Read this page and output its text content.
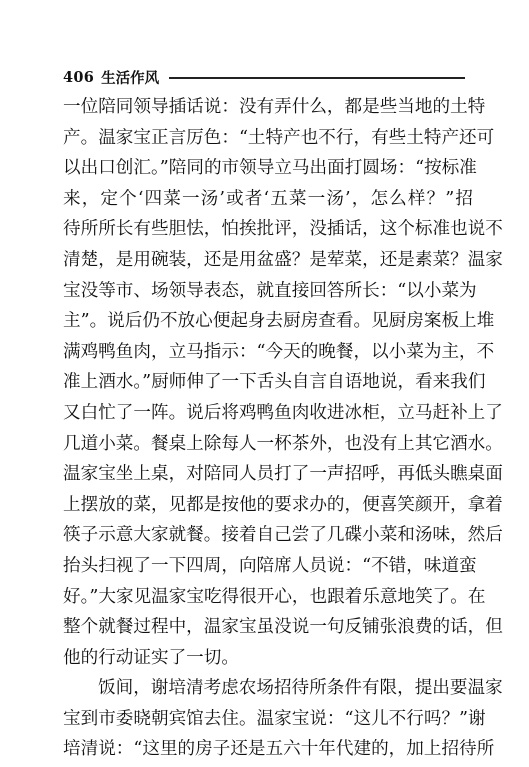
406 生活作风
一位陪同领导插话说：没有弄什么，都是些当地的土特
产。温家宝正言厉色：“土特产也不行，有些土特产还可
以出口创汇。”陪同的市领导立马出面打圆场：“按标准
来，定个‘四菜一汤’或者‘五菜一汤’，怎么样？”招
待所所长有些胆怯，怕挨批评，没插话，这个标准也说不
清楚，是用碗装，还是用盆盛？是荤菜，还是素菜？温家
宝没等市、场领导表态，就直接回答所长：“以小菜为
主”。说后仍不放心便起身去厨房查看。见厨房案板上堆
满鸡鸭鱼肉，立马指示：“今天的晚餐，以小菜为主，不
准上酒水。”厨师伸了一下舌头自言自语地说，看来我们
又白忙了一阵。说后将鸡鸭鱼肉收进冰柜，立马赶补上了
几道小菜。餐桌上除每人一杯茶外，也没有上其它酒水。
温家宝坐上桌，对陪同人员打了一声招呼，再低头瞧桌面
上摆放的菜，见都是按他的要求办的，便喜笑颜开，拿着
筷子示意大家就餐。接着自己尝了几碟小菜和汤味，然后
抬头扫视了一下四周，向陪席人员说：“不错，味道蛮
好。”大家见温家宝吃得很开心，也跟着乐意地笑了。在
整个就餐过程中，温家宝虽没说一句反铺张浪费的话，但
他的行动证实了一切。
饭间，谢培清考虑农场招待所条件有限，提出要温家
宝到市委晓朝宾馆去住。温家宝说：“这儿不行吗？”谢
培清说：“这里的房子还是五六十年代建的，加上招待所
